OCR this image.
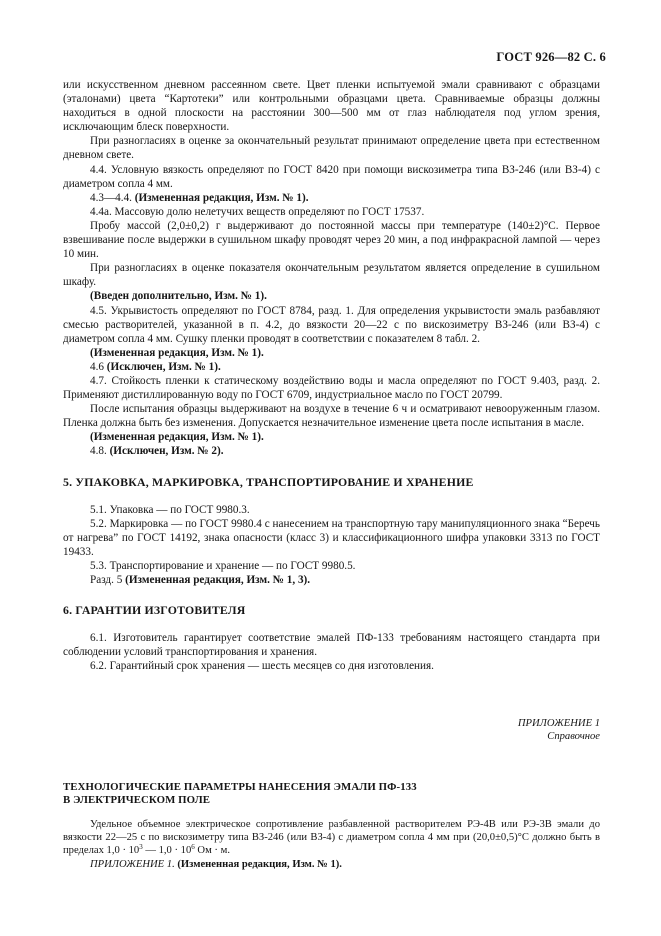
ГОСТ 926—82 С. 6

или искусственном дневном рассеянном свете. Цвет пленки испытуемой эмали сравнивают с образцами (эталонами) цвета “Картотеки” или контрольными образцами цвета. Сравниваемые образцы должны находиться в одной плоскости на расстоянии 300—500 мм от глаз наблюдателя под углом зрения, исключающим блеск поверхности.

При разногласиях в оценке за окончательный результат принимают определение цвета при естественном дневном свете.

4.4. Условную вязкость определяют по ГОСТ 8420 при помощи вискозиметра типа ВЗ-246 (или ВЗ-4) с диаметром сопла 4 мм.

4.3—4.4. (Измененная редакция, Изм. № 1).

4.4а. Массовую долю нелетучих веществ определяют по ГОСТ 17537.

Пробу массой (2,0±0,2) г выдерживают до постоянной массы при температуре (140±2)°С. Первое взвешивание после выдержки в сушильном шкафу проводят через 20 мин, а под инфракрасной лампой — через 10 мин.

При разногласиях в оценке показателя окончательным результатом является определение в сушильном шкафу.

(Введен дополнительно, Изм. № 1).

4.5. Укрывистость определяют по ГОСТ 8784, разд. 1. Для определения укрывистости эмаль разбавляют смесью растворителей, указанной в п. 4.2, до вязкости 20—22 с по вискозиметру ВЗ-246 (или ВЗ-4) с диаметром сопла 4 мм. Сушку пленки проводят в соответствии с показателем 8 табл. 2.

(Измененная редакция, Изм. № 1).

4.6 (Исключен, Изм. № 1).

4.7. Стойкость пленки к статическому воздействию воды и масла определяют по ГОСТ 9.403, разд. 2. Применяют дистиллированную воду по ГОСТ 6709, индустриальное масло по ГОСТ 20799.

После испытания образцы выдерживают на воздухе в течение 6 ч и осматривают невооруженным глазом. Пленка должна быть без изменения. Допускается незначительное изменение цвета после испытания в масле.

(Измененная редакция, Изм. № 1).

4.8. (Исключен, Изм. № 2).

5. УПАКОВКА, МАРКИРОВКА, ТРАНСПОРТИРОВАНИЕ И ХРАНЕНИЕ

5.1. Упаковка — по ГОСТ 9980.3.

5.2. Маркировка — по ГОСТ 9980.4 с нанесением на транспортную тару манипуляционного знака “Беречь от нагрева” по ГОСТ 14192, знака опасности (класс 3) и классификационного шифра упаковки 3313 по ГОСТ 19433.

5.3. Транспортирование и хранение — по ГОСТ 9980.5.

Разд. 5 (Измененная редакция, Изм. № 1, 3).

6. ГАРАНТИИ ИЗГОТОВИТЕЛЯ

6.1. Изготовитель гарантирует соответствие эмалей ПФ-133 требованиям настоящего стандарта при соблюдении условий транспортирования и хранения.

6.2. Гарантийный срок хранения — шесть месяцев со дня изготовления.

ПРИЛОЖЕНИЕ 1

Справочное

ТЕХНОЛОГИЧЕСКИЕ ПАРАМЕТРЫ НАНЕСЕНИЯ ЭМАЛИ ПФ-133

В ЭЛЕКТРИЧЕСКОМ ПОЛЕ

Удельное объемное электрическое сопротивление разбавленной растворителем РЭ-4В или РЭ-3В эмали до вязкости 22—25 с по вискозиметру типа ВЗ-246 (или ВЗ-4) с диаметром сопла 4 мм при (20,0±0,5)°С должно быть в пределах $1,0 \cdot 10^3$ — $1,0 \cdot 10^6$ Ом · м.

ПРИЛОЖЕНИЕ 1. (Измененная редакция, Изм. № 1).
